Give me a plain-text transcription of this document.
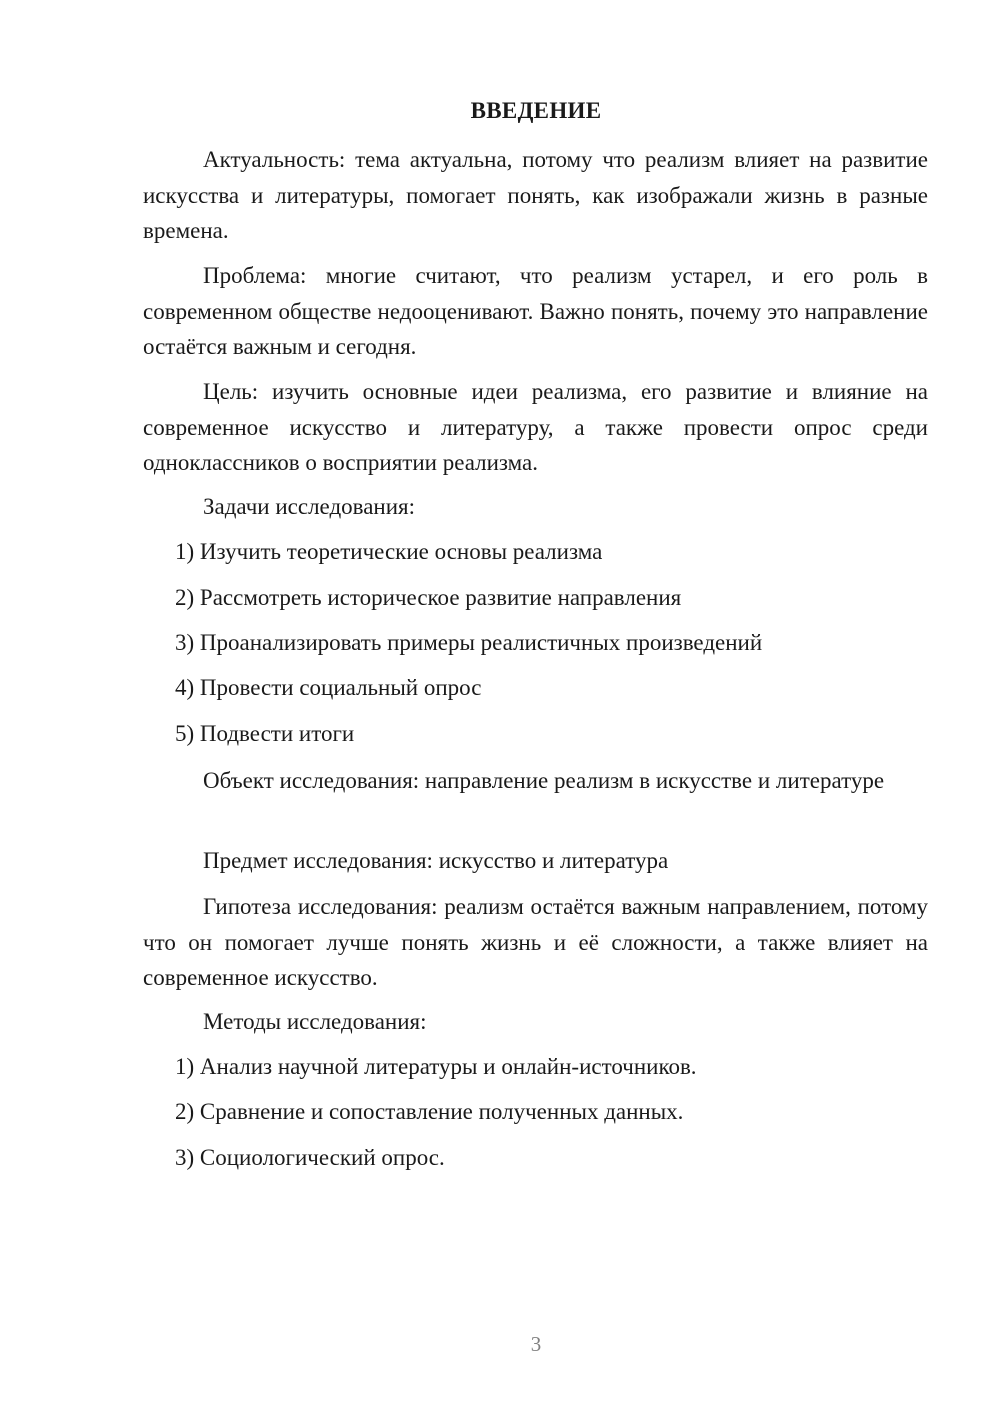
ВВЕДЕНИЕ

Актуальность: тема актуальна, потому что реализм влияет на развитие искусства и литературы, помогает понять, как изображали жизнь в разные времена.

Проблема: многие считают, что реализм устарел, и его роль в современном обществе недооценивают. Важно понять, почему это направление остаётся важным и сегодня.

Цель: изучить основные идеи реализма, его развитие и влияние на современное искусство и литературу, а также провести опрос среди одноклассников о восприятии реализма.

Задачи исследования:
1) Изучить теоретические основы реализма
2) Рассмотреть историческое развитие направления
3) Проанализировать примеры реалистичных произведений
4) Провести социальный опрос
5) Подвести итоги

Объект исследования: направление реализм в искусстве и литературе

Предмет исследования: искусство и литература

Гипотеза исследования: реализм остаётся важным направлением, потому что он помогает лучше понять жизнь и её сложности, а также влияет на современное искусство.

Методы исследования:
1) Анализ научной литературы и онлайн-источников.
2) Сравнение и сопоставление полученных данных.
3) Социологический опрос.
3
